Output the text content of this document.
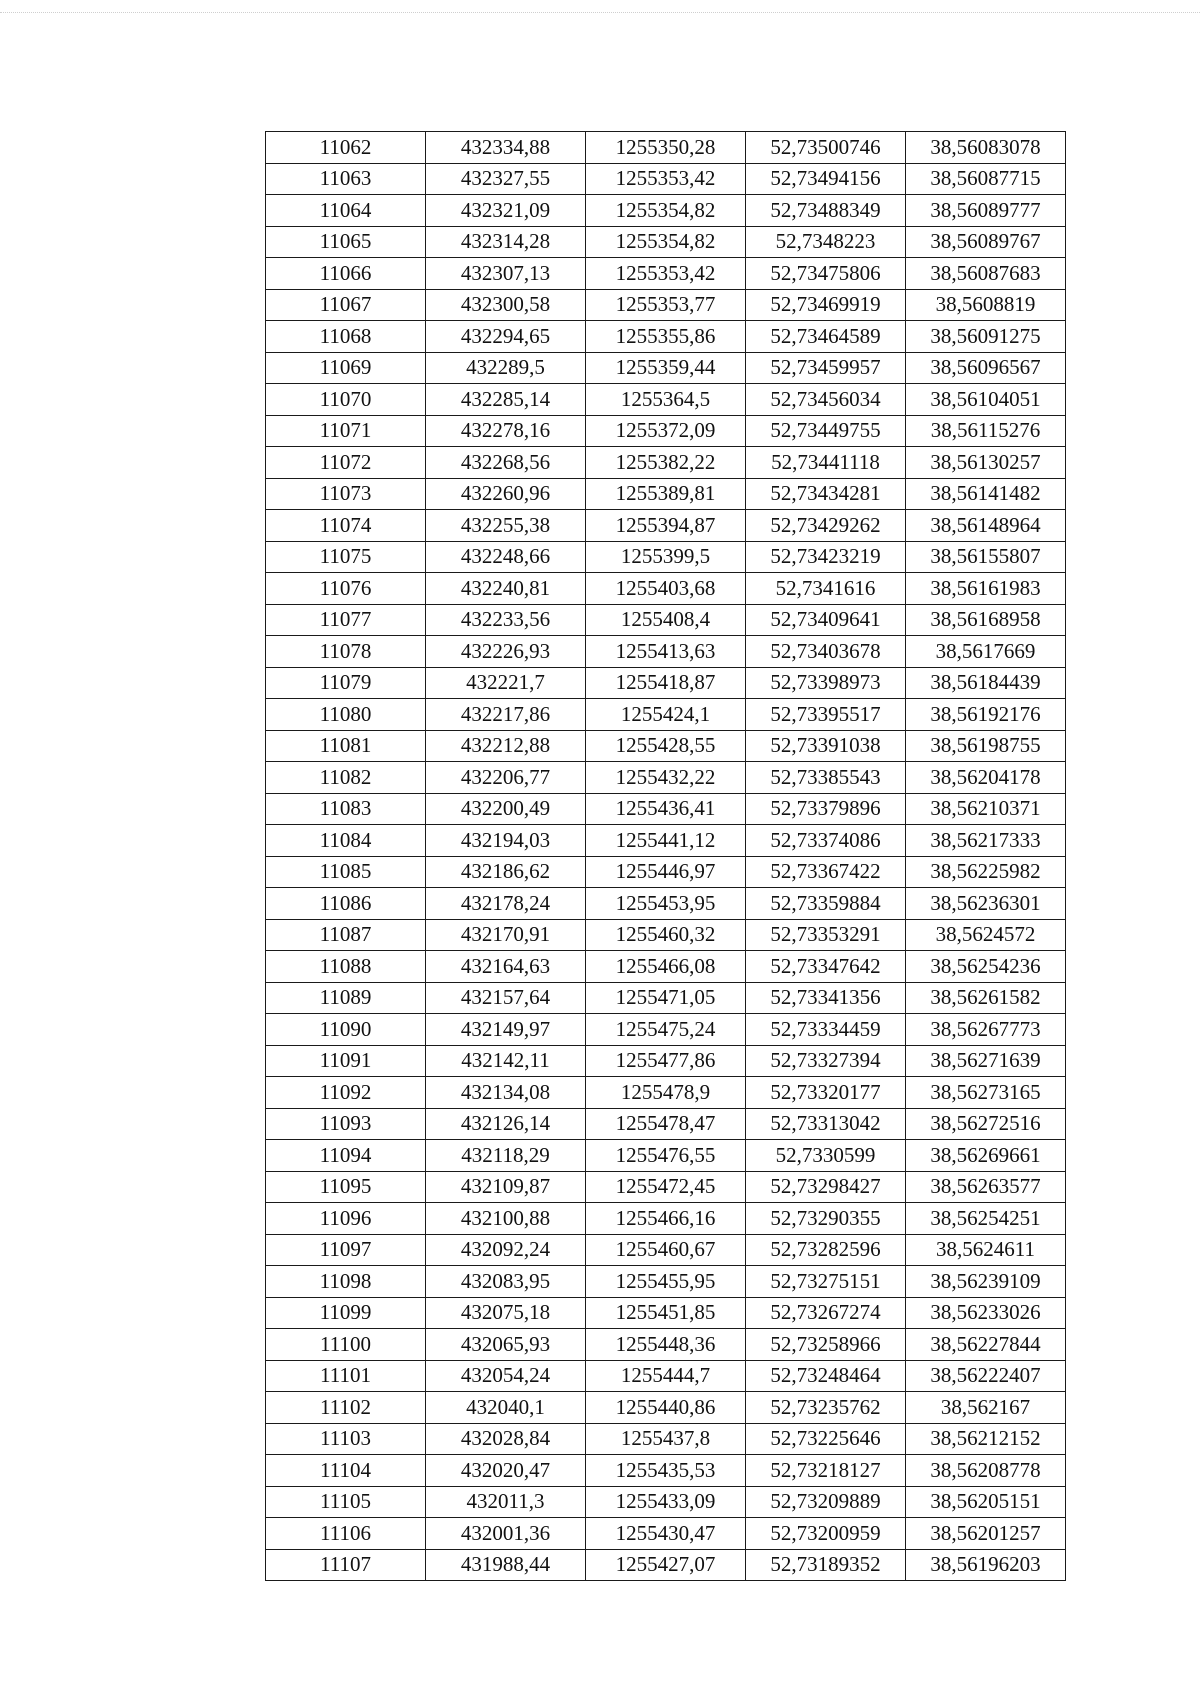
11062	432334,88	1255350,28	52,73500746	38,56083078
11063	432327,55	1255353,42	52,73494156	38,56087715
11064	432321,09	1255354,82	52,73488349	38,56089777
11065	432314,28	1255354,82	52,7348223	38,56089767
11066	432307,13	1255353,42	52,73475806	38,56087683
11067	432300,58	1255353,77	52,73469919	38,5608819
11068	432294,65	1255355,86	52,73464589	38,56091275
11069	432289,5	1255359,44	52,73459957	38,56096567
11070	432285,14	1255364,5	52,73456034	38,56104051
11071	432278,16	1255372,09	52,73449755	38,56115276
11072	432268,56	1255382,22	52,73441118	38,56130257
11073	432260,96	1255389,81	52,73434281	38,56141482
11074	432255,38	1255394,87	52,73429262	38,56148964
11075	432248,66	1255399,5	52,73423219	38,56155807
11076	432240,81	1255403,68	52,7341616	38,56161983
11077	432233,56	1255408,4	52,73409641	38,56168958
11078	432226,93	1255413,63	52,73403678	38,5617669
11079	432221,7	1255418,87	52,73398973	38,56184439
11080	432217,86	1255424,1	52,73395517	38,56192176
11081	432212,88	1255428,55	52,73391038	38,56198755
11082	432206,77	1255432,22	52,73385543	38,56204178
11083	432200,49	1255436,41	52,73379896	38,56210371
11084	432194,03	1255441,12	52,73374086	38,56217333
11085	432186,62	1255446,97	52,73367422	38,56225982
11086	432178,24	1255453,95	52,73359884	38,56236301
11087	432170,91	1255460,32	52,73353291	38,5624572
11088	432164,63	1255466,08	52,73347642	38,56254236
11089	432157,64	1255471,05	52,73341356	38,56261582
11090	432149,97	1255475,24	52,73334459	38,56267773
11091	432142,11	1255477,86	52,73327394	38,56271639
11092	432134,08	1255478,9	52,73320177	38,56273165
11093	432126,14	1255478,47	52,73313042	38,56272516
11094	432118,29	1255476,55	52,7330599	38,56269661
11095	432109,87	1255472,45	52,73298427	38,56263577
11096	432100,88	1255466,16	52,73290355	38,56254251
11097	432092,24	1255460,67	52,73282596	38,5624611
11098	432083,95	1255455,95	52,73275151	38,56239109
11099	432075,18	1255451,85	52,73267274	38,56233026
11100	432065,93	1255448,36	52,73258966	38,56227844
11101	432054,24	1255444,7	52,73248464	38,56222407
11102	432040,1	1255440,86	52,73235762	38,562167
11103	432028,84	1255437,8	52,73225646	38,56212152
11104	432020,47	1255435,53	52,73218127	38,56208778
11105	432011,3	1255433,09	52,73209889	38,56205151
11106	432001,36	1255430,47	52,73200959	38,56201257
11107	431988,44	1255427,07	52,73189352	38,56196203
